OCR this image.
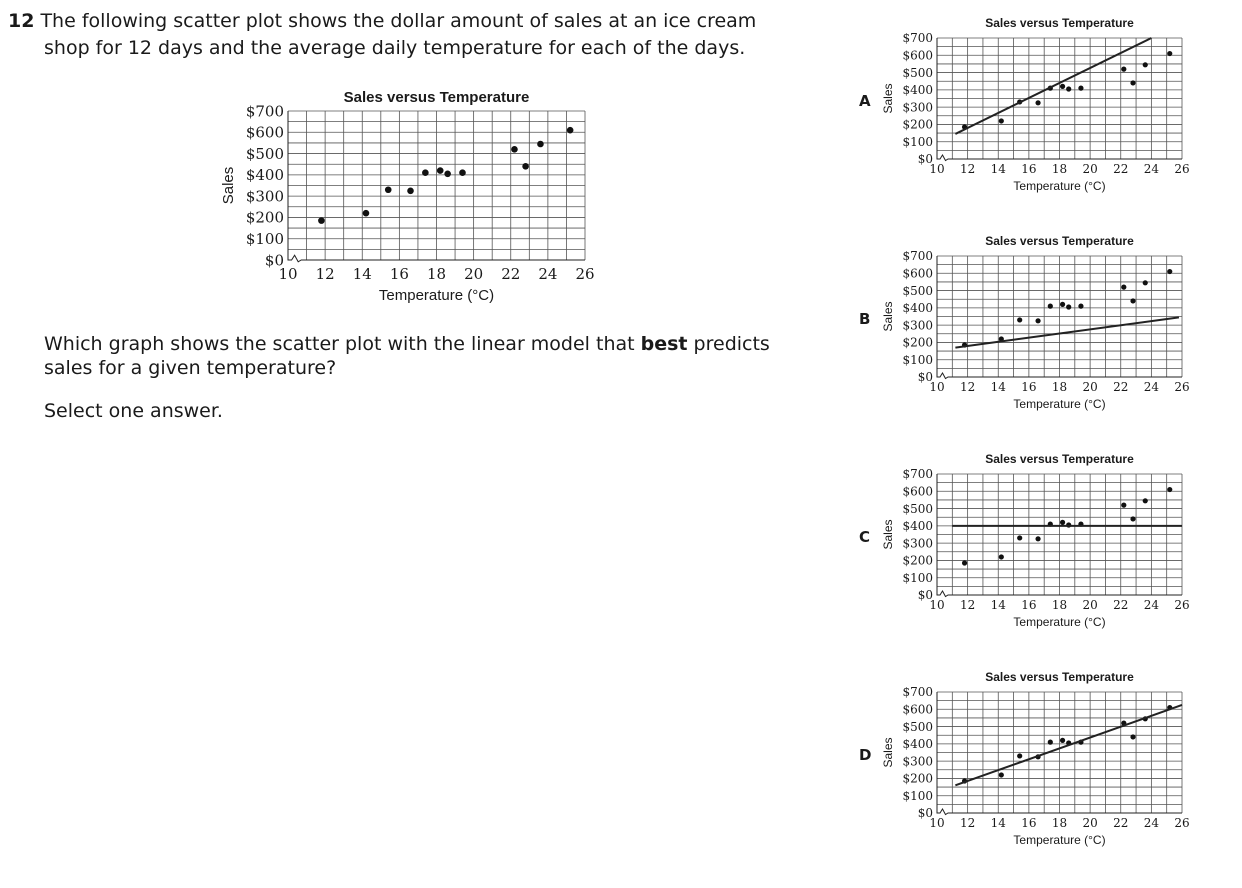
12 The following scatter plot shows the dollar amount of sales at an ice cream
shop for 12 days and the average daily temperature for each of the days.
Sales versus Temperature
$0
$100
$200
$300
$400
$500
$600
$700
10 12 14 16 18 20 22 24 26
Temperature (°C)
Sales
Which graph shows the scatter plot with the linear model that best predicts
sales for a given temperature?
Select one answer.
A
B
C
D
Sales versus Temperature
$0
$100
$200
$300
$400
$500
$600
$700
10 12 14 16 18 20 22 24 26
Temperature (°C)
Sales
Sales versus Temperature
$0
$100
$200
$300
$400
$500
$600
$700
10 12 14 16 18 20 22 24 26
Temperature (°C)
Sales
Sales versus Temperature
$0
$100
$200
$300
$400
$500
$600
$700
10 12 14 16 18 20 22 24 26
Temperature (°C)
Sales
Sales versus Temperature
$0
$100
$200
$300
$400
$500
$600
$700
10 12 14 16 18 20 22 24 26
Temperature (°C)
Sales
